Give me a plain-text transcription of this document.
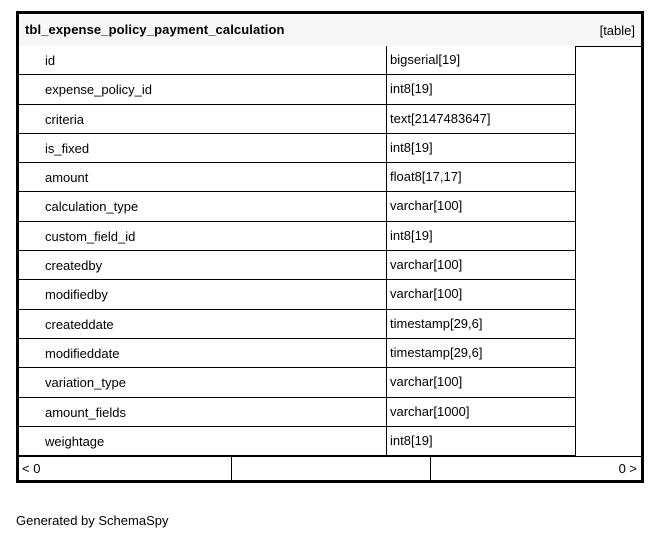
tbl_expense_policy_payment_calculation	[table]
id	bigserial[19]
expense_policy_id	int8[19]
criteria	text[2147483647]
is_fixed	int8[19]
amount	float8[17,17]
calculation_type	varchar[100]
custom_field_id	int8[19]
createdby	varchar[100]
modifiedby	varchar[100]
createddate	timestamp[29,6]
modifieddate	timestamp[29,6]
variation_type	varchar[100]
amount_fields	varchar[1000]
weightage	int8[19]
< 0	0 >
Generated by SchemaSpy
